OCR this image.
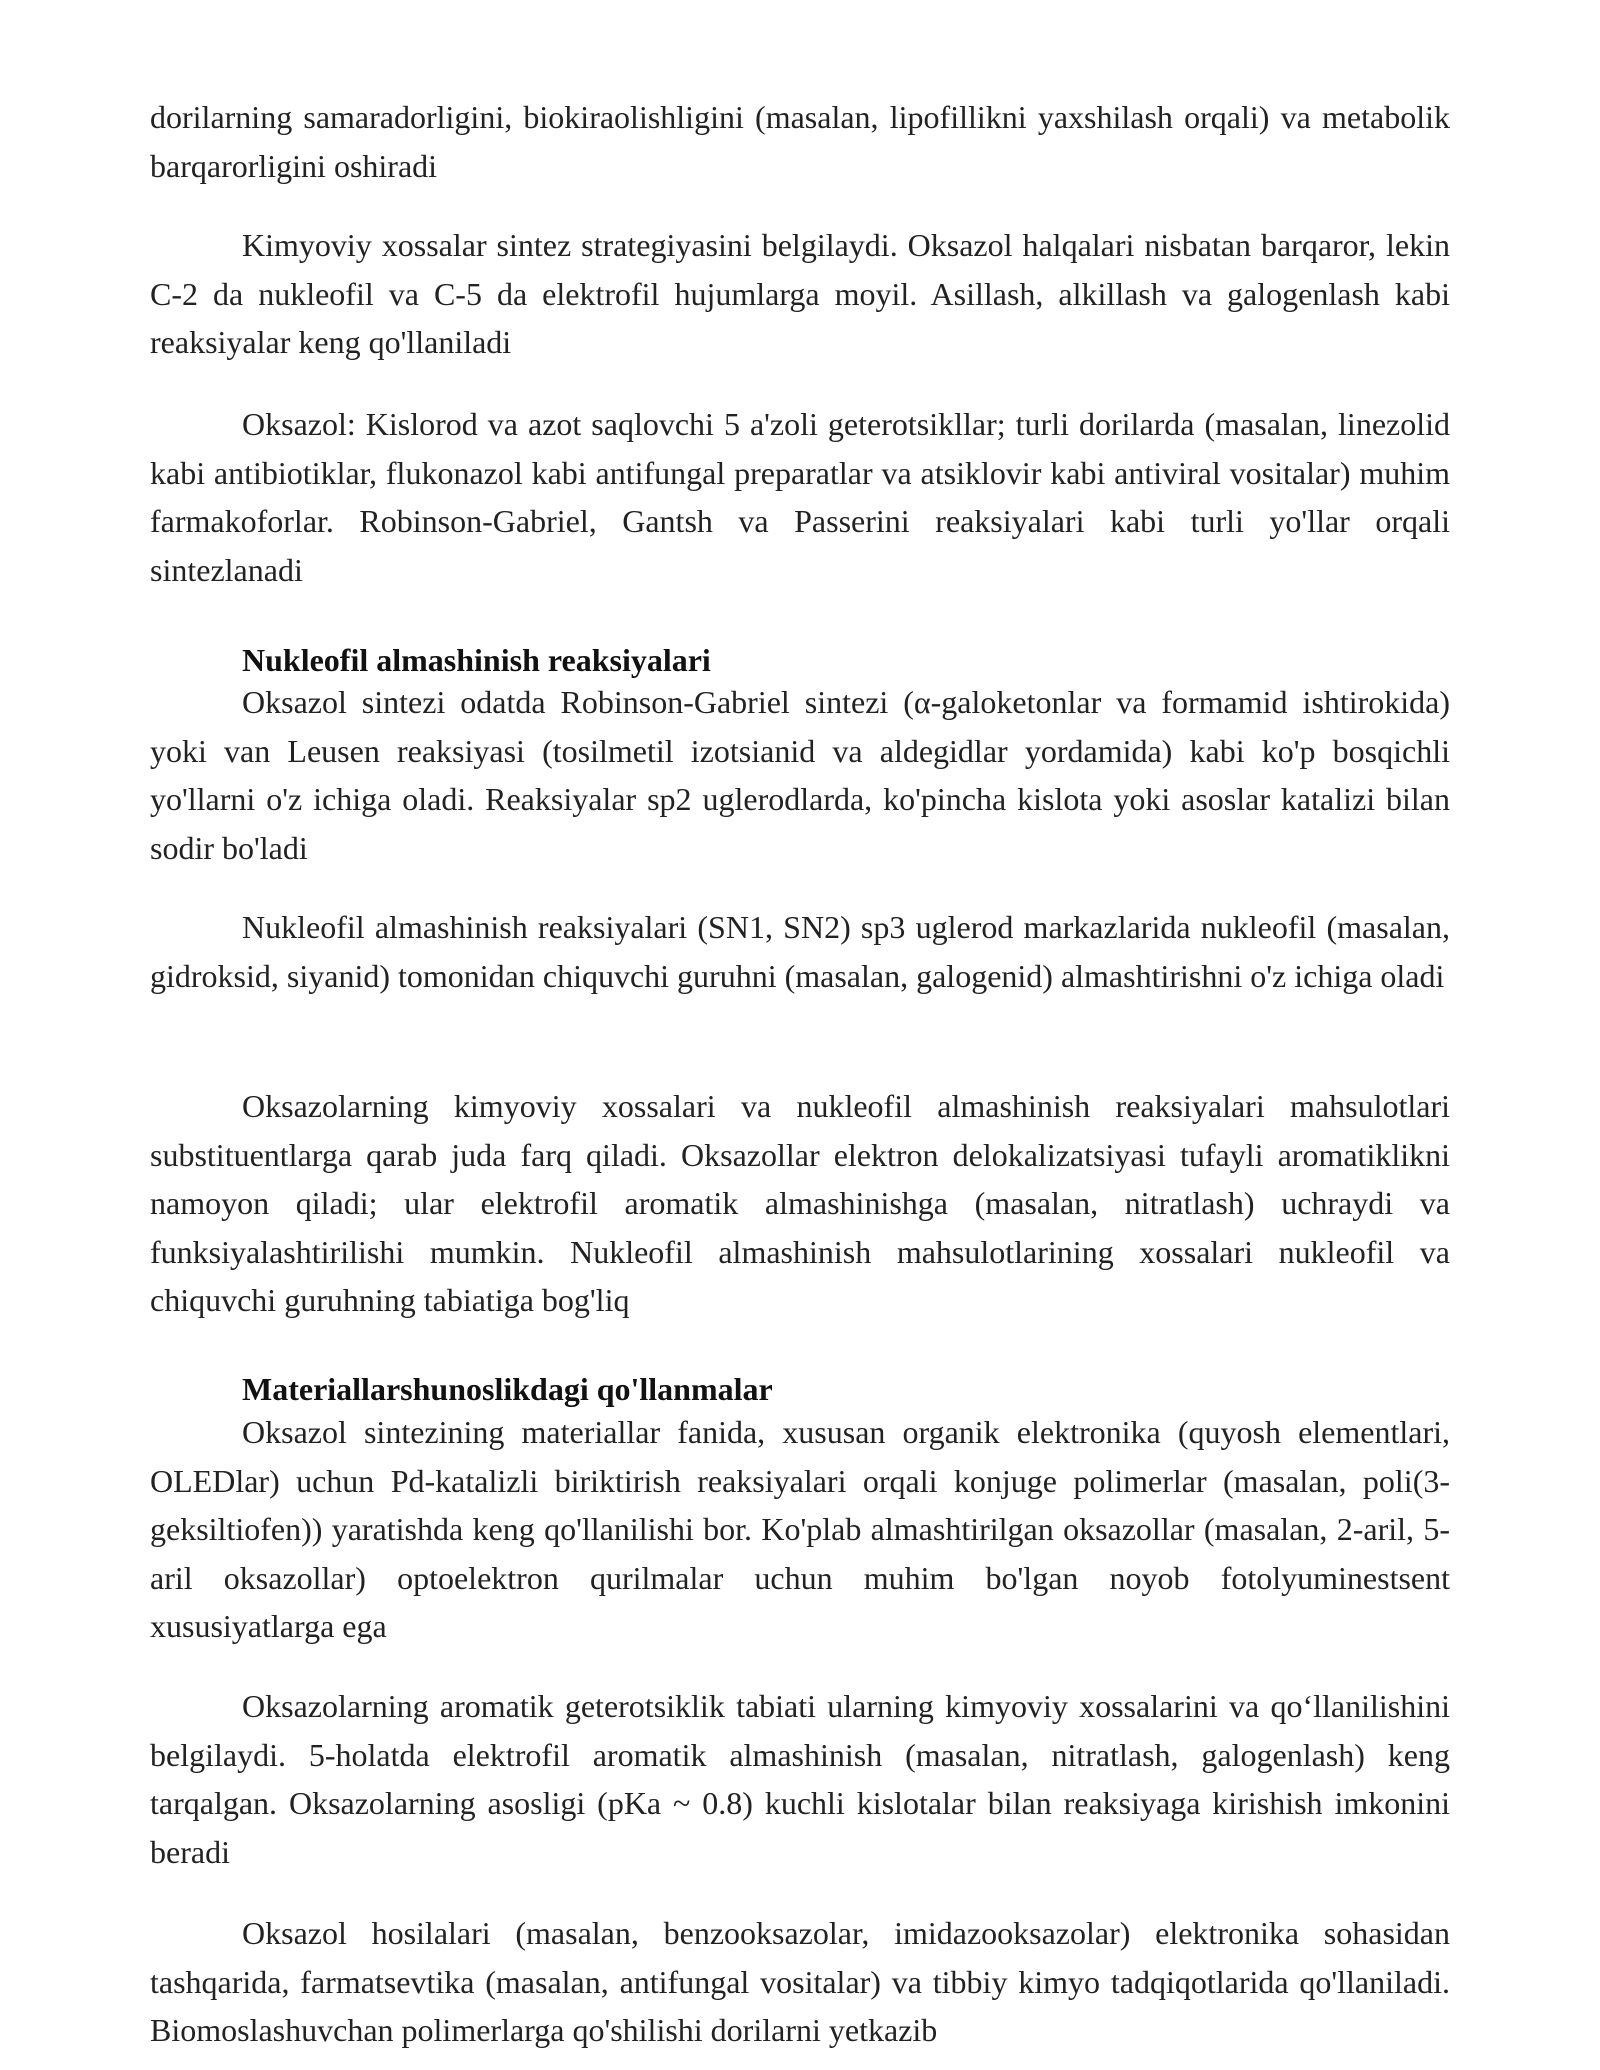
dorilarning samaradorligini, biokiraolishligini (masalan, lipofillikni yaxshilash orqali) va metabolik barqarorligini oshiradi

Kimyoviy xossalar sintez strategiyasini belgilaydi. Oksazol halqalari nisbatan barqaror, lekin C-2 da nukleofil va C-5 da elektrofil hujumlarga moyil. Asillash, alkillash va galogenlash kabi reaksiyalar keng qo'llaniladi

Oksazol: Kislorod va azot saqlovchi 5 a'zoli geterotsikllar; turli dorilarda (masalan, linezolid kabi antibiotiklar, flukonazol kabi antifungal preparatlar va atsiklovir kabi antiviral vositalar) muhim farmakoforlar. Robinson-Gabriel, Gantsh va Passerini reaksiyalari kabi turli yo'llar orqali sintezlanadi

Nukleofil almashinish reaksiyalari

Oksazol sintezi odatda Robinson-Gabriel sintezi (α-galoketonlar va formamid ishtirokida) yoki van Leusen reaksiyasi (tosilmetil izotsianid va aldegidlar yordamida) kabi ko'p bosqichli yo'llarni o'z ichiga oladi. Reaksiyalar sp2 uglerodlarda, ko'pincha kislota yoki asoslar katalizi bilan sodir bo'ladi

Nukleofil almashinish reaksiyalari (SN1, SN2) sp3 uglerod markazlarida nukleofil (masalan, gidroksid, siyanid) tomonidan chiquvchi guruhni (masalan, galogenid) almashtirishni o'z ichiga oladi

Oksazolarning kimyoviy xossalari va nukleofil almashinish reaksiyalari mahsulotlari substituentlarga qarab juda farq qiladi. Oksazollar elektron delokalizatsiyasi tufayli aromatiklikni namoyon qiladi; ular elektrofil aromatik almashinishga (masalan, nitratlash) uchraydi va funksiyalashtirilishi mumkin. Nukleofil almashinish mahsulotlarining xossalari nukleofil va chiquvchi guruhning tabiatiga bog'liq

Materiallarshunoslikdagi qo'llanmalar

Oksazol sintezining materiallar fanida, xususan organik elektronika (quyosh elementlari, OLEDlar) uchun Pd-katalizli biriktirish reaksiyalari orqali konjuge polimerlar (masalan, poli(3-geksiltiofen)) yaratishda keng qo'llanilishi bor. Ko'plab almashtirilgan oksazollar (masalan, 2-aril, 5-aril oksazollar) optoelektron qurilmalar uchun muhim bo'lgan noyob fotolyuminestsent xususiyatlarga ega

Oksazolarning aromatik geterotsiklik tabiati ularning kimyoviy xossalarini va qo‘llanilishini belgilaydi. 5-holatda elektrofil aromatik almashinish (masalan, nitratlash, galogenlash) keng tarqalgan. Oksazolarning asosligi (pKa ~ 0.8) kuchli kislotalar bilan reaksiyaga kirishish imkonini beradi

Oksazol hosilalari (masalan, benzooksazolar, imidazooksazolar) elektronika sohasidan tashqarida, farmatsevtika (masalan, antifungal vositalar) va tibbiy kimyo tadqiqotlarida qo'llaniladi. Biomoslashuvchan polimerlarga qo'shilishi dorilarni yetkazib
